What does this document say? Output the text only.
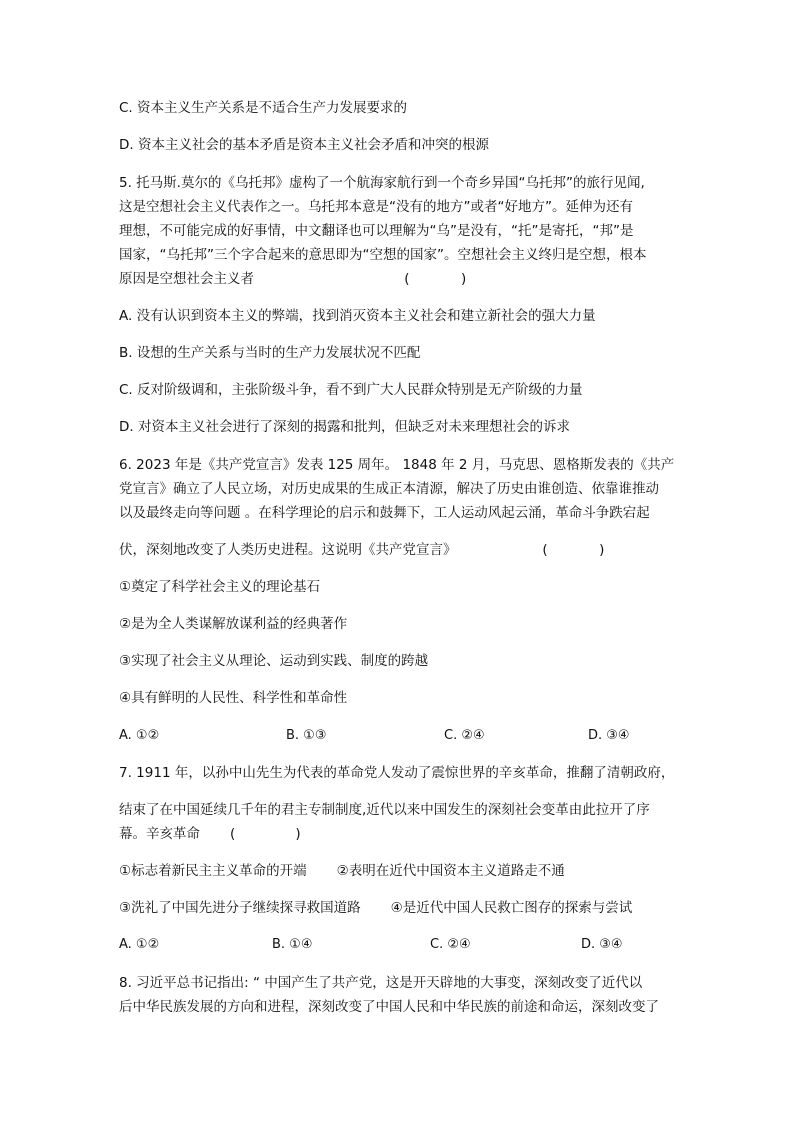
C. 资本主义生产关系是不适合生产力发展要求的
D. 资本主义社会的基本矛盾是资本主义社会矛盾和冲突的根源
5. 托马斯.莫尔的《乌托邦》虚构了一个航海家航行到一个奇乡异国“乌托邦”的旅行见闻,
这是空想社会主义代表作之一。乌托邦本意是“没有的地方”或者“好地方”。延伸为还有
理想，不可能完成的好事情，中文翻译也可以理解为“乌”是没有，“托”是寄托，“邦”是
国家，“乌托邦”三个字合起来的意思即为“空想的国家”。空想社会主义终归是空想，根本
原因是空想社会主义者                                   (            )
A. 没有认识到资本主义的弊端，找到消灭资本主义社会和建立新社会的强大力量
B. 设想的生产关系与当时的生产力发展状况不匹配
C. 反对阶级调和，主张阶级斗争，看不到广大人民群众特别是无产阶级的力量
D. 对资本主义社会进行了深刻的揭露和批判，但缺乏对未来理想社会的诉求
6. 2023 年是《共产党宣言》发表 125 周年。 1848 年 2 月，马克思、恩格斯发表的《共产
党宣言》确立了人民立场，对历史成果的生成正本清源，解决了历史由谁创造、依靠谁推动
以及最终走向等问题 。在科学理论的启示和鼓舞下，工人运动风起云涌，革命斗争跌宕起
伏，深刻地改变了人类历史进程。这说明《共产党宣言》                    (            )
①奠定了科学社会主义的理论基石
②是为全人类谋解放谋利益的经典著作
③实现了社会主义从理论、运动到实践、制度的跨越
④具有鲜明的人民性、科学性和革命性
A. ①②	B. ①③	C. ②④	D. ③④
7. 1911 年，以孙中山先生为代表的革命党人发动了震惊世界的辛亥革命，推翻了清朝政府，
结束了在中国延续几千年的君主专制制度,近代以来中国发生的深刻社会变革由此拉开了序
幕。辛亥革命       (              )
①标志着新民主主义革命的开端       ②表明在近代中国资本主义道路走不通
③洗礼了中国先进分子继续探寻救国道路       ④是近代中国人民救亡图存的探索与尝试
A. ①②	B. ①④	C. ②④	D. ③④
8. 习近平总书记指出: “ 中国产生了共产党，这是开天辟地的大事变，深刻改变了近代以
后中华民族发展的方向和进程，深刻改变了中国人民和中华民族的前途和命运，深刻改变了
